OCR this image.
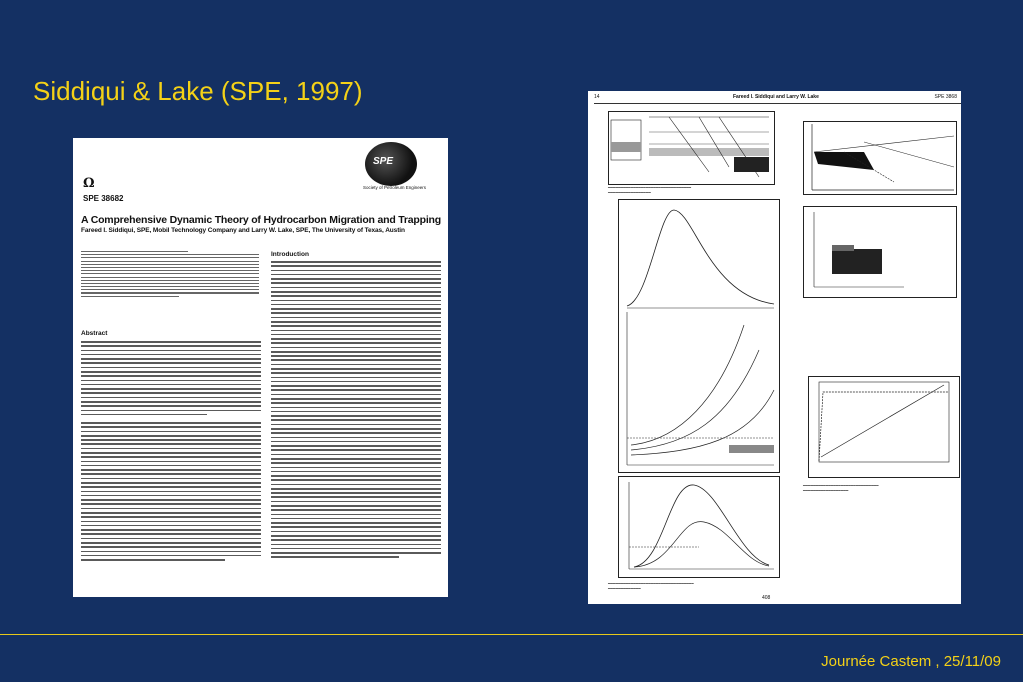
Siddiqui & Lake (SPE, 1997)
SPE
Society of Petroleum Engineers
Ω
SPE 38682
A Comprehensive Dynamic Theory of Hydrocarbon Migration and Trapping
Fareed I. Siddiqui, SPE, Mobil Technology Company and Larry W. Lake, SPE, The University of Texas, Austin
Abstract
Introduction
14	Fareed I. Siddiqui and Larry W. Lake	SPE 3868
━━━━━━━━━━━━━━━━━━━━━━━━━━━━━━━━━
━━━━━━━━━━━━━━━━━
━━━━━━━━━━━━━━━━━━━━━━━━━━━━━━
━━━━━━━━━━━━━━━━━━
━━━━━━━━━━━━━━━━━━━━━━━━━━━━━━━━━━
━━━━━━━━━━━━━
408
Journée Castem , 25/11/09
